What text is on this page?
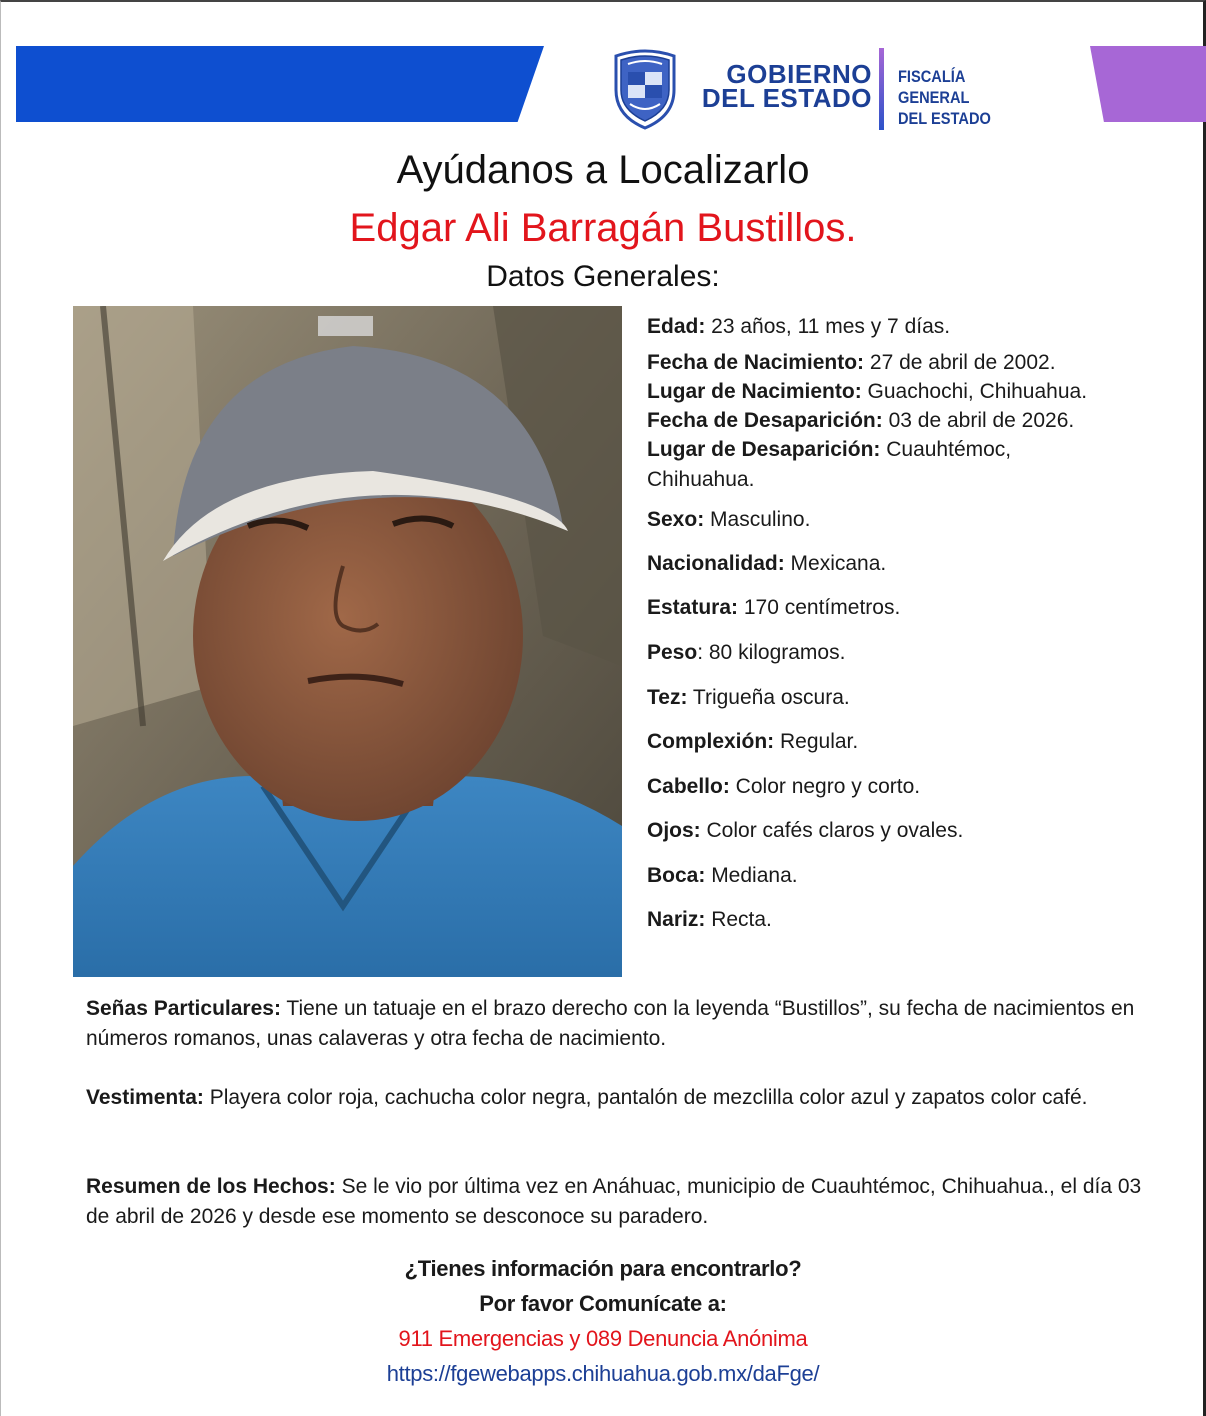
GOBIERNO
DEL ESTADO
FISCALÍA GENERAL
DEL ESTADO
Ayúdanos a Localizarlo
Edgar Ali Barragán Bustillos.
Datos Generales:
Edad: 23 años, 11 mes y 7 días.
Fecha de Nacimiento: 27 de abril de 2002.
Lugar de Nacimiento: Guachochi, Chihuahua.
Fecha de Desaparición: 03 de abril de 2026.
Lugar de Desaparición: Cuauhtémoc, Chihuahua.
Sexo: Masculino.
Nacionalidad: Mexicana.
Estatura: 170 centímetros.
Peso: 80 kilogramos.
Tez: Trigueña oscura.
Complexión: Regular.
Cabello: Color negro y corto.
Ojos: Color cafés claros y ovales.
Boca: Mediana.
Nariz: Recta.
Señas Particulares: Tiene un tatuaje en el brazo derecho con la leyenda “Bustillos”, su fecha de nacimientos en números romanos, unas calaveras y otra fecha de nacimiento.
Vestimenta: Playera color roja, cachucha color negra, pantalón de mezclilla color azul y zapatos color café.
Resumen de los Hechos: Se le vio por última vez en Anáhuac, municipio de Cuauhtémoc, Chihuahua., el día 03 de abril de 2026 y desde ese momento se desconoce su paradero.
¿Tienes información para encontrarlo?
Por favor Comunícate a:
911 Emergencias y 089 Denuncia Anónima
https://fgewebapps.chihuahua.gob.mx/daFge/
